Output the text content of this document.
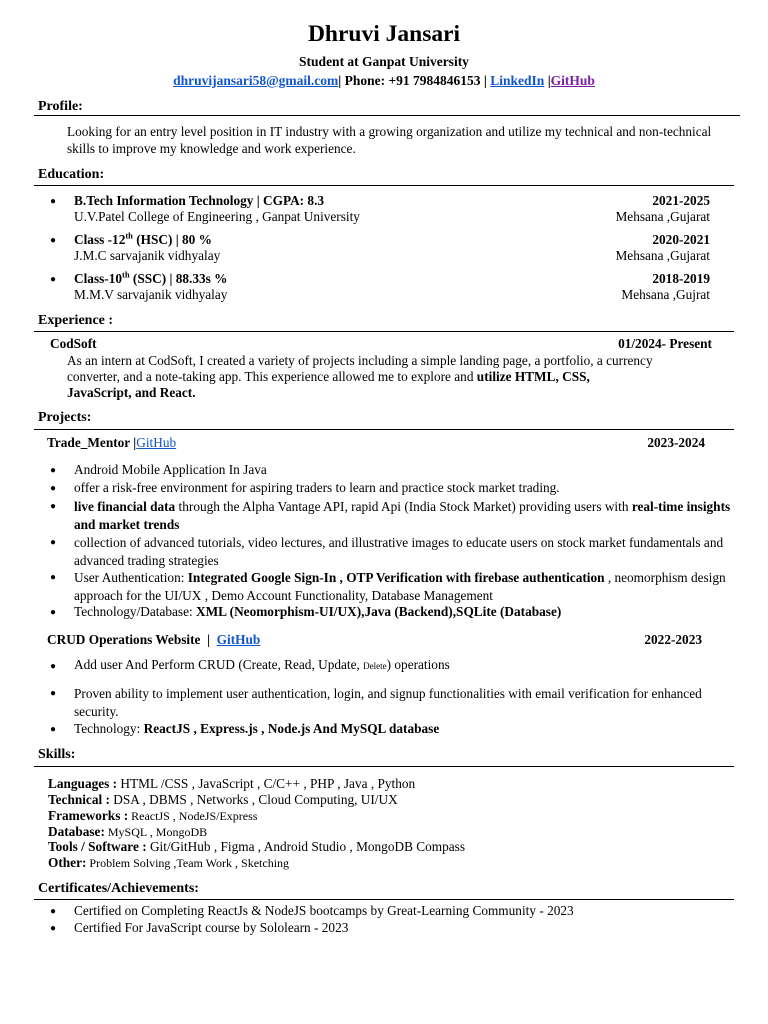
Dhruvi Jansari
Student at Ganpat University
dhruvijansari58@gmail.com| Phone: +91 7984846153 | LinkedIn |GitHub
Profile:
Looking for an entry level position in IT industry with a growing organization and utilize my technical and non-technical skills to improve my knowledge and work experience.
Education:
● B.Tech Information Technology | CGPA: 8.3	2021-2025
U.V.Patel College of Engineering , Ganpat University	Mehsana ,Gujarat
● Class -12th (HSC) | 80 %	2020-2021
J.M.C sarvajanik vidhyalay	Mehsana ,Gujarat
● Class-10th (SSC) | 88.33s %	2018-2019
M.M.V sarvajanik vidhyalay	Mehsana ,Gujrat
Experience :
CodSoft	01/2024- Present
As an intern at CodSoft, I created a variety of projects including a simple landing page, a portfolio, a currency converter, and a note-taking app. This experience allowed me to explore and utilize HTML, CSS, JavaScript, and React.
Projects:
Trade_Mentor |GitHub	2023-2024
● Android Mobile Application In Java
● offer a risk-free environment for aspiring traders to learn and practice stock market trading.
● live financial data through the Alpha Vantage API, rapid Api (India Stock Market) providing users with real-time insights and market trends
● collection of advanced tutorials, video lectures, and illustrative images to educate users on stock market fundamentals and advanced trading strategies
● User Authentication: Integrated Google Sign-In , OTP Verification with firebase authentication , neomorphism design approach for the UI/UX , Demo Account Functionality, Database Management
● Technology/Database: XML (Neomorphism-UI/UX),Java (Backend),SQLite (Database)
CRUD Operations Website | GitHub	2022-2023
● Add user And Perform CRUD (Create, Read, Update, Delete) operations
● Proven ability to implement user authentication, login, and signup functionalities with email verification for enhanced security.
● Technology: ReactJS , Express.js , Node.js And MySQL database
Skills:
Languages : HTML /CSS , JavaScript , C/C++ , PHP , Java , Python
Technical : DSA , DBMS , Networks , Cloud Computing, UI/UX
Frameworks : ReactJS , NodeJS/Express
Database: MySQL , MongoDB
Tools / Software : Git/GitHub , Figma , Android Studio , MongoDB Compass
Other: Problem Solving ,Team Work , Sketching
Certificates/Achievements:
● Certified on Completing ReactJs & NodeJS bootcamps by Great-Learning Community - 2023
● Certified For JavaScript course by Sololearn - 2023
